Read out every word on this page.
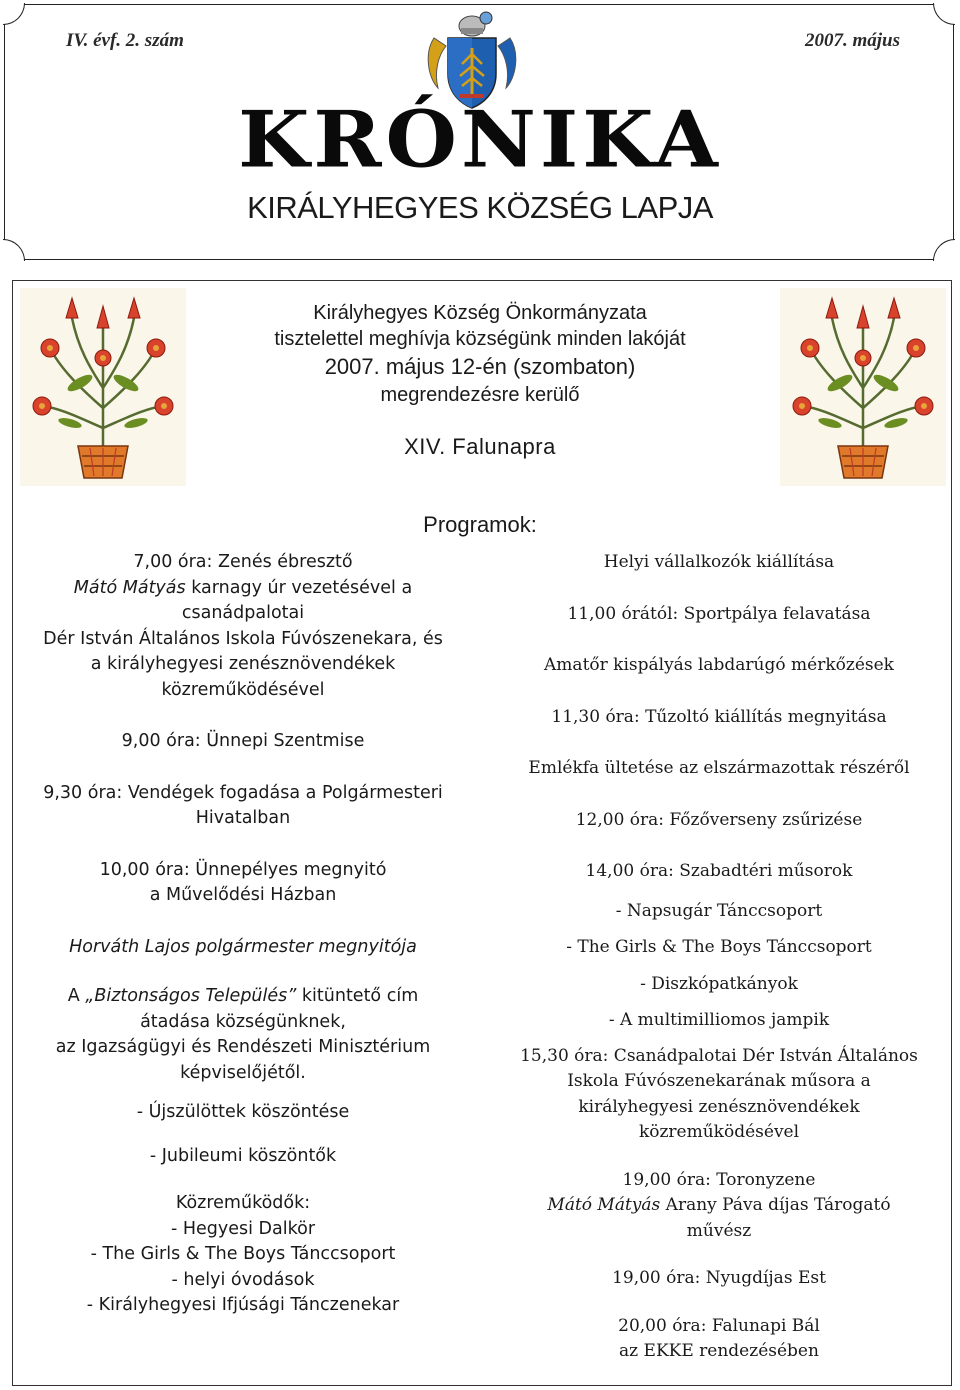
IV. évf. 2. szám	2007. május
KRÓNIKA
KIRÁLYHEGYES KÖZSÉG LAPJA
Királyhegyes Község Önkormányzata
tisztelettel meghívja községünk minden lakóját
2007. május 12-én (szombaton)
megrendezésre kerülő
XIV. Falunapra
Programok:
7,00 óra: Zenés ébresztő
Mátó Mátyás karnagy úr vezetésével a
csanádpalotai
Dér István Általános Iskola Fúvószenekara, és
a királyhegyesi zenésznövendékek
közreműködésével
9,00 óra: Ünnepi Szentmise
9,30 óra: Vendégek fogadása a Polgármesteri
Hivatalban
10,00 óra: Ünnepélyes megnyitó
a Művelődési Házban
Horváth Lajos polgármester megnyitója
A „Biztonságos Település” kitüntető cím
átadása községünknek,
az Igazságügyi és Rendészeti Minisztérium
képviselőjétől.
- Újszülöttek köszöntése
- Jubileumi köszöntők
Közreműködők:
- Hegyesi Dalkör
- The Girls & The Boys Tánccsoport
- helyi óvodások
- Királyhegyesi Ifjúsági Tánczenekar
Helyi vállalkozók kiállítása
11,00 órától: Sportpálya felavatása
Amatőr kispályás labdarúgó mérkőzések
11,30 óra: Tűzoltó kiállítás megnyitása
Emlékfa ültetése az elszármazottak részéről
12,00 óra: Főzőverseny zsűrizése
14,00 óra: Szabadtéri műsorok
- Napsugár Tánccsoport
- The Girls & The Boys Tánccsoport
- Diszkópatkányok
- A multimilliomos jampik
15,30 óra: Csanádpalotai Dér István Általános
Iskola Fúvószenekarának műsora a
királyhegyesi zenésznövendékek
közreműködésével
19,00 óra: Toronyzene
Mátó Mátyás Arany Páva díjas Tárogató
művész
19,00 óra: Nyugdíjas Est
20,00 óra: Falunapi Bál
az EKKE rendezésében
